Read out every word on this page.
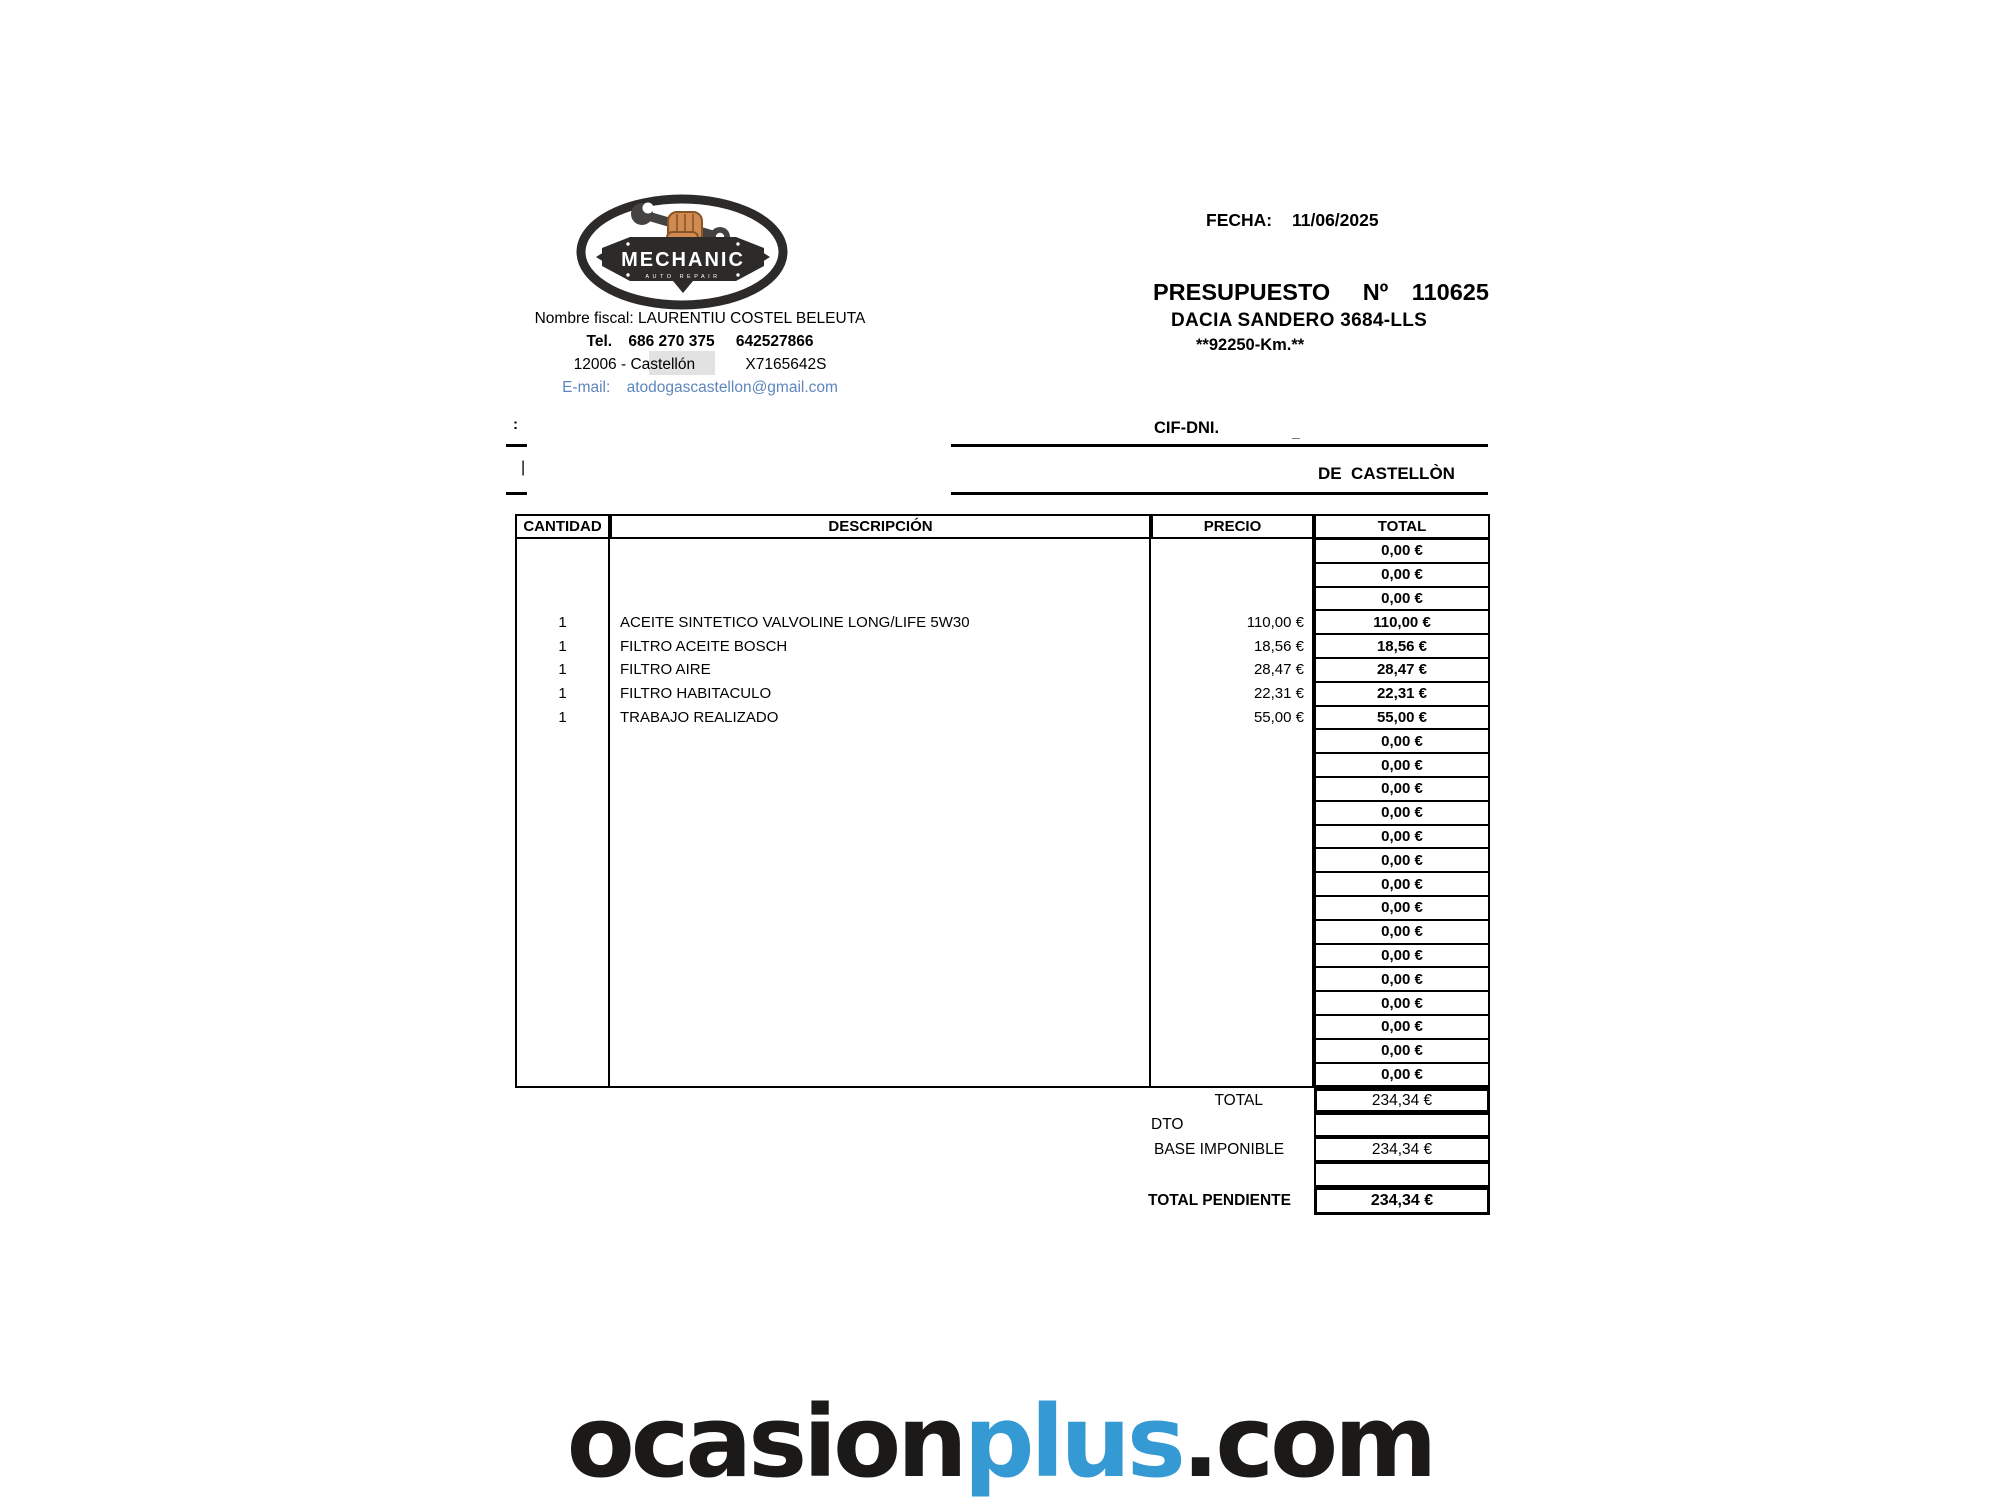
MECHANIC
AUTO REPAIR
Nombre fiscal: LAURENTIU COSTEL BELEUTA
Tel. 686 270 375 642527866
12006 - Castellón	X7165642S
E-mail: atodogascastellon@gmail.com
FECHA: 11/06/2025
PRESUPUESTO Nº 110625
DACIA SANDERO 3684-LLS
**92250-Km.**
:	CIF-DNI.	_
|	DE  CASTELLÒN
CANTIDAD	DESCRIPCIÓN	PRECIO	TOTAL
0,00 €
0,00 €
0,00 €
1	ACEITE SINTETICO VALVOLINE LONG/LIFE 5W30	110,00 €	110,00 €
1	FILTRO ACEITE BOSCH	18,56 €	18,56 €
1	FILTRO AIRE	28,47 €	28,47 €
1	FILTRO HABITACULO	22,31 €	22,31 €
1	TRABAJO REALIZADO	55,00 €	55,00 €
0,00 €
0,00 €
0,00 €
0,00 €
0,00 €
0,00 €
0,00 €
0,00 €
0,00 €
0,00 €
0,00 €
0,00 €
0,00 €
0,00 €
0,00 €
TOTAL	234,34 €
DTO
BASE IMPONIBLE	234,34 €
TOTAL PENDIENTE	234,34 €
ocasionplus.com
